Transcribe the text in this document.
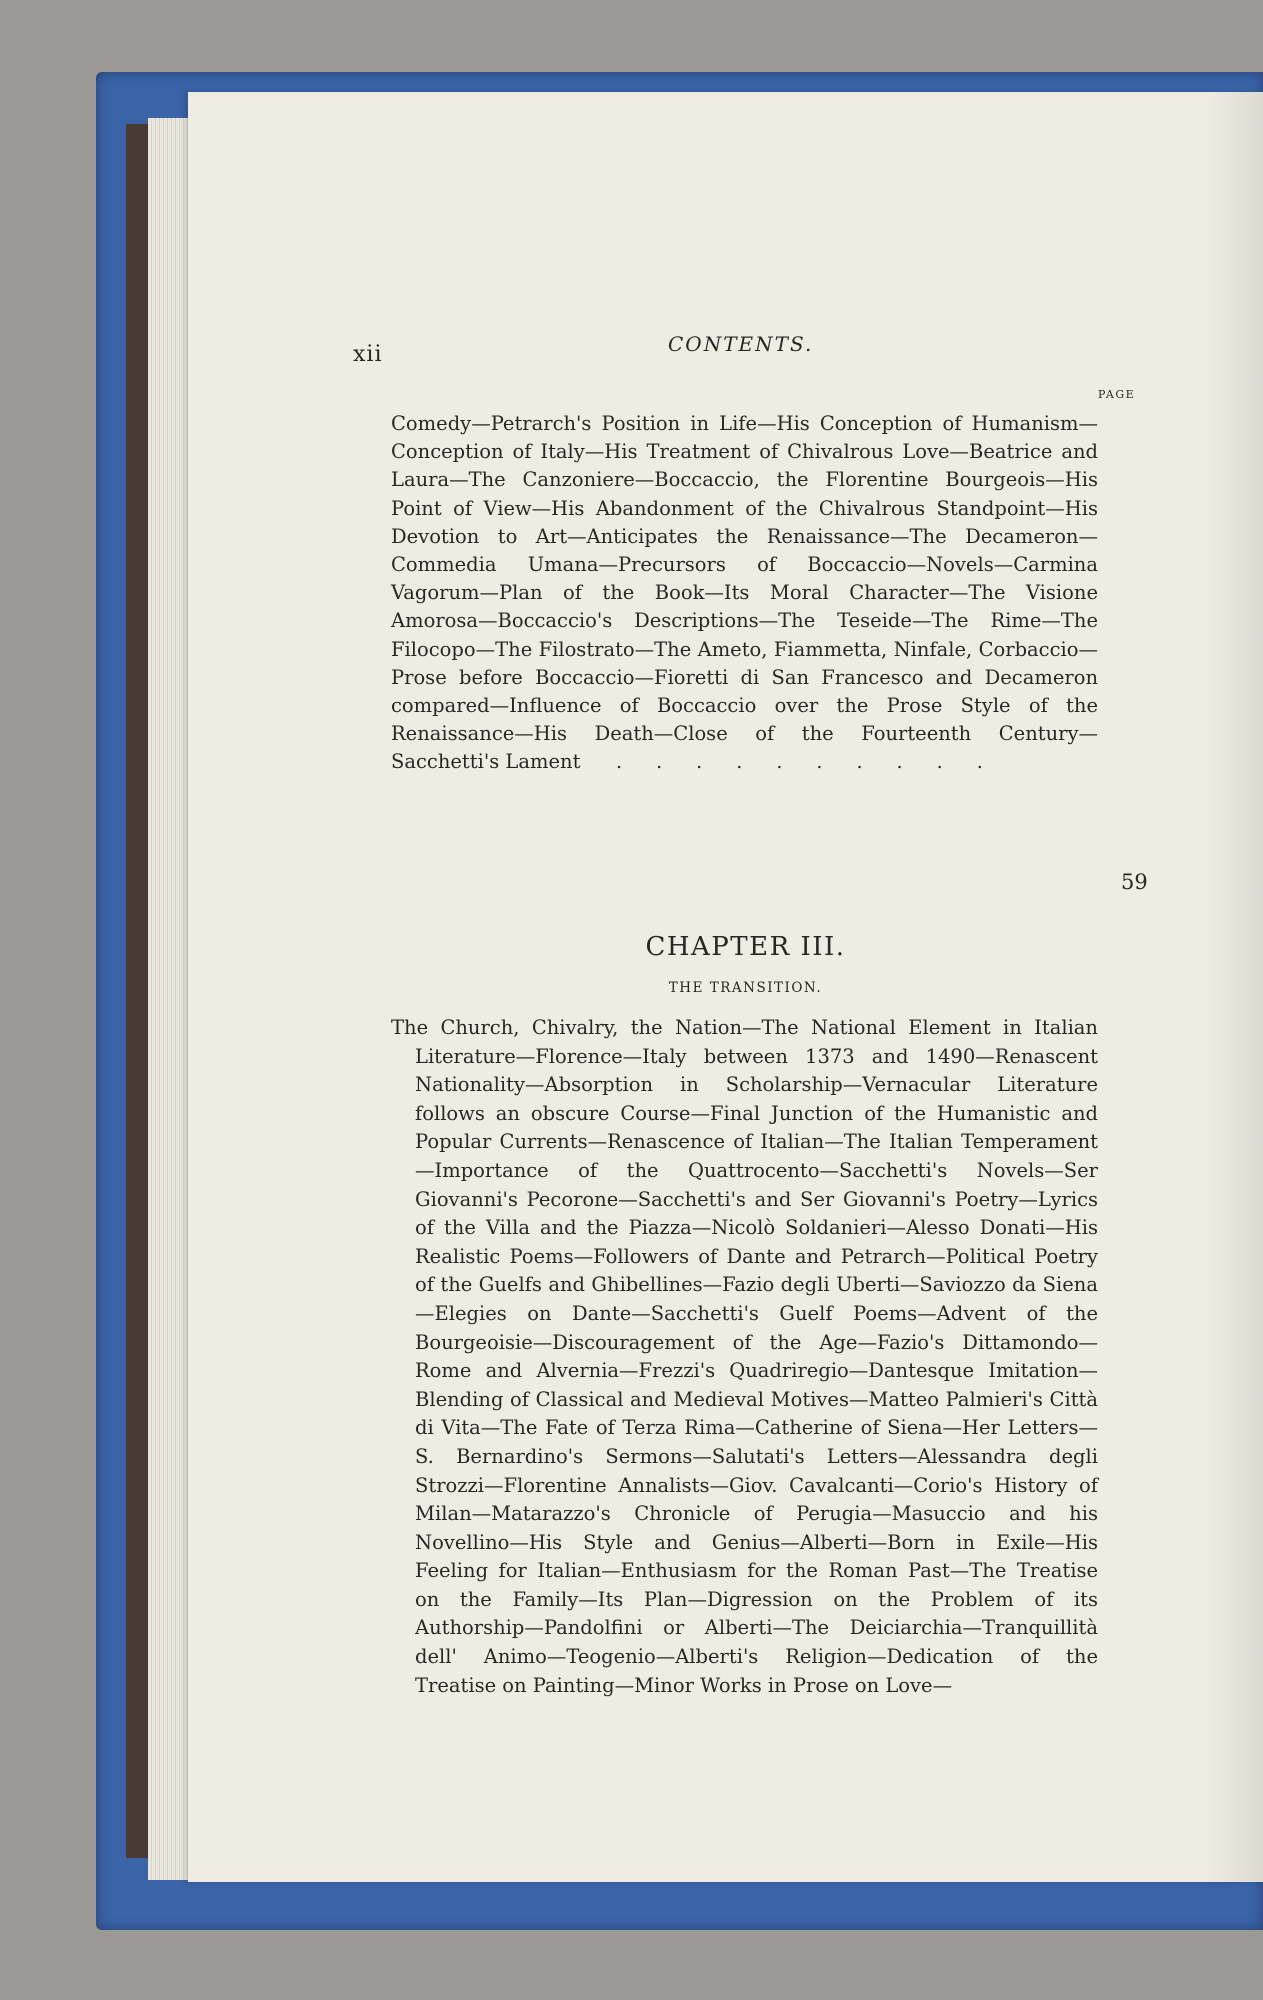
xii	CONTENTS.
PAGE
Comedy—Petrarch's Position in Life—His Conception of Humanism—Conception of Italy—His Treatment of Chivalrous Love—Beatrice and Laura—The Canzoniere—Boccaccio, the Florentine Bourgeois—His Point of View—His Abandonment of the Chivalrous Standpoint—His Devotion to Art—Anticipates the Renaissance—The Decameron—Commedia Umana—Precursors of Boccaccio—Novels—Carmina Vagorum—Plan of the Book—Its Moral Character—The Visione Amorosa—Boccaccio's Descriptions—The Teseide—The Rime—The Filocopo—The Filostrato—The Ameto, Fiammetta, Ninfale, Corbaccio—Prose before Boccaccio—Fioretti di San Francesco and Decameron compared—Influence of Boccaccio over the Prose Style of the Renaissance—His Death—Close of the Fourteenth Century—Sacchetti's Lament . . . . . . . . . .
59
CHAPTER III.
THE TRANSITION.
The Church, Chivalry, the Nation—The National Element in Italian Literature—Florence—Italy between 1373 and 1490—Renascent Nationality—Absorption in Scholarship—Vernacular Literature follows an obscure Course—Final Junction of the Humanistic and Popular Currents—Renascence of Italian—The Italian Temperament—Importance of the Quattrocento—Sacchetti's Novels—Ser Giovanni's Pecorone—Sacchetti's and Ser Giovanni's Poetry—Lyrics of the Villa and the Piazza—Nicolò Soldanieri—Alesso Donati—His Realistic Poems—Followers of Dante and Petrarch—Political Poetry of the Guelfs and Ghibellines—Fazio degli Uberti—Saviozzo da Siena—Elegies on Dante—Sacchetti's Guelf Poems—Advent of the Bourgeoisie—Discouragement of the Age—Fazio's Dittamondo—Rome and Alvernia—Frezzi's Quadriregio—Dantesque Imitation—Blending of Classical and Medieval Motives—Matteo Palmieri's Città di Vita—The Fate of Terza Rima—Catherine of Siena—Her Letters—S. Bernardino's Sermons—Salutati's Letters—Alessandra degli Strozzi—Florentine Annalists—Giov. Cavalcanti—Corio's History of Milan—Matarazzo's Chronicle of Perugia—Masuccio and his Novellino—His Style and Genius—Alberti—Born in Exile—His Feeling for Italian—Enthusiasm for the Roman Past—The Treatise on the Family—Its Plan—Digression on the Problem of its Authorship—Pandolfini or Alberti—The Deiciarchia—Tranquillità dell' Animo—Teogenio—Alberti's Religion—Dedication of the Treatise on Painting—Minor Works in Prose on Love—
